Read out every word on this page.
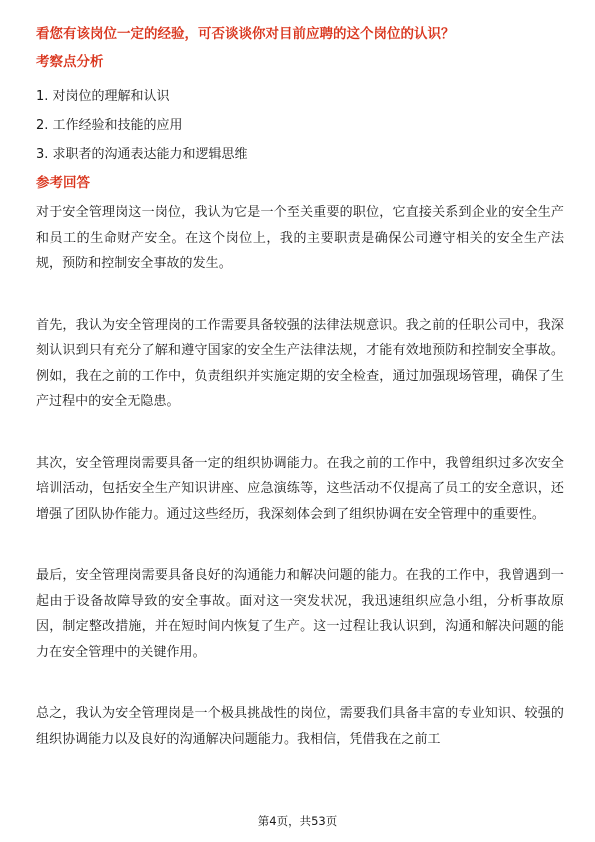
看您有该岗位一定的经验，可否谈谈你对目前应聘的这个岗位的认识？
考察点分析
1. 对岗位的理解和认识
2. 工作经验和技能的应用
3. 求职者的沟通表达能力和逻辑思维
参考回答

对于安全管理岗这一岗位，我认为它是一个至关重要的职位，它直接关系到企业的安全生产和员工的生命财产安全。在这个岗位上，我的主要职责是确保公司遵守相关的安全生产法规，预防和控制安全事故的发生。

首先，我认为安全管理岗的工作需要具备较强的法律法规意识。我之前的任职公司中，我深刻认识到只有充分了解和遵守国家的安全生产法律法规，才能有效地预防和控制安全事故。例如，我在之前的工作中，负责组织并实施定期的安全检查，通过加强现场管理，确保了生产过程中的安全无隐患。

其次，安全管理岗需要具备一定的组织协调能力。在我之前的工作中，我曾组织过多次安全培训活动，包括安全生产知识讲座、应急演练等，这些活动不仅提高了员工的安全意识，还增强了团队协作能力。通过这些经历，我深刻体会到了组织协调在安全管理中的重要性。

最后，安全管理岗需要具备良好的沟通能力和解决问题的能力。在我的工作中，我曾遇到一起由于设备故障导致的安全事故。面对这一突发状况，我迅速组织应急小组，分析事故原因，制定整改措施，并在短时间内恢复了生产。这一过程让我认识到，沟通和解决问题的能力在安全管理中的关键作用。

总之，我认为安全管理岗是一个极具挑战性的岗位，需要我们具备丰富的专业知识、较强的组织协调能力以及良好的沟通解决问题能力。我相信，凭借我在之前工

第4页，共53页
